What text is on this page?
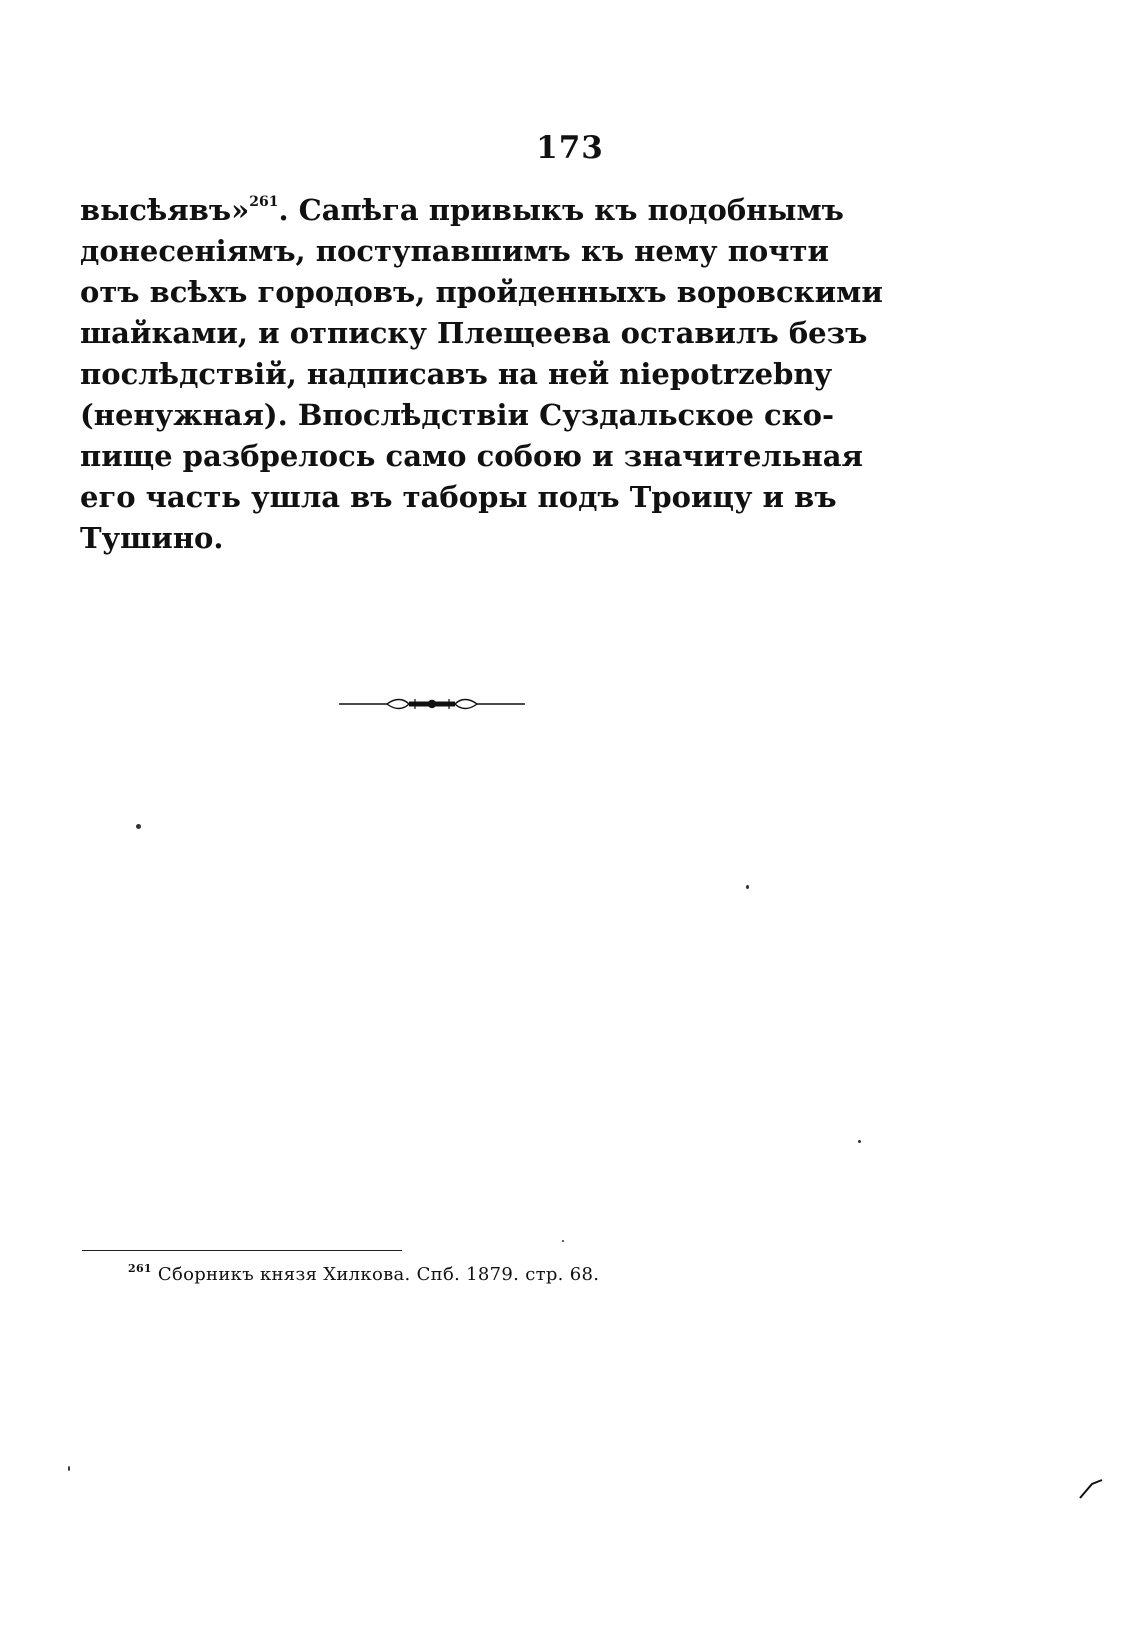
173
высѣявъ»$^{261}$. Сапѣга привыкъ къ подобнымъ
донесеніямъ, поступавшимъ къ нему почти
отъ всѣхъ городовъ, пройденныхъ воровскими
шайками, и отписку Плещеева оставилъ безъ
послѣдствій, надписавъ на ней niepotrzebny
(ненужная). Впослѣдствіи Суздальское ско-
пище разбрелось само собою и значительная
его часть ушла въ таборы подъ Троицу и въ
Тушино.
$^{261}$ Сборникъ князя Хилкова. Спб. 1879. стр. 68.
